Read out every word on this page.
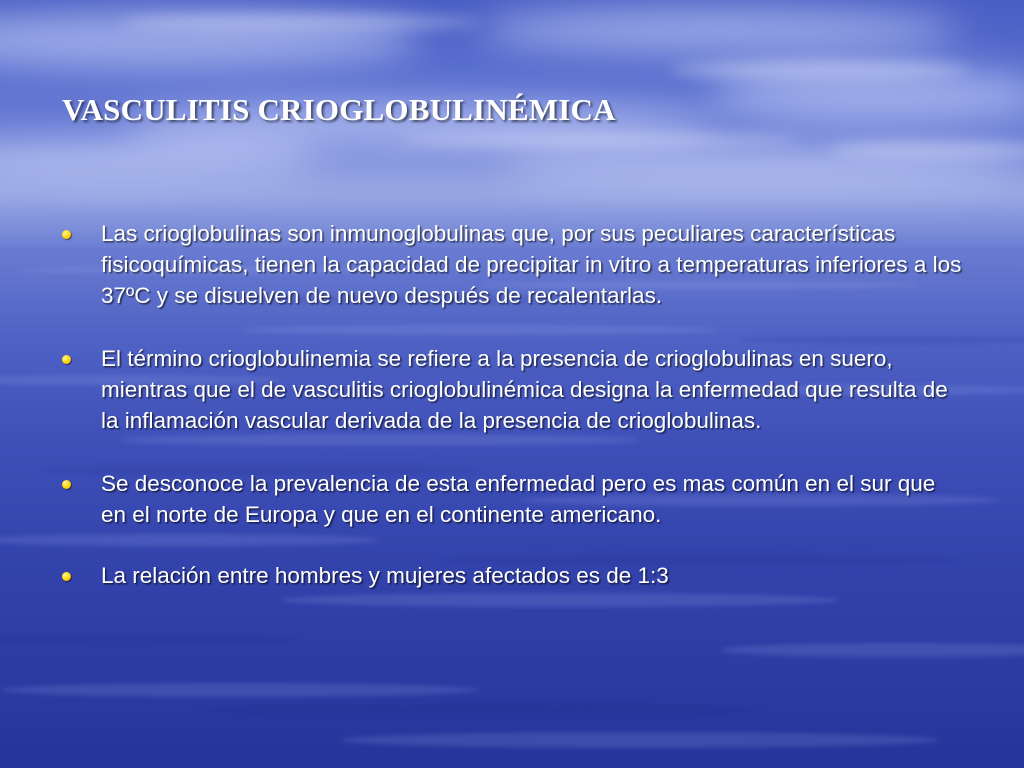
VASCULITIS CRIOGLOBULINÉMICA
Las crioglobulinas son inmunoglobulinas que, por sus peculiares características fisicoquímicas, tienen la capacidad de precipitar in vitro a temperaturas inferiores a los 37ºC y se disuelven de nuevo después de recalentarlas.
El término crioglobulinemia se refiere a la presencia de crioglobulinas en suero, mientras que el de vasculitis crioglobulinémica designa la enfermedad que resulta de la inflamación vascular derivada de la presencia de crioglobulinas.
Se desconoce la prevalencia de esta enfermedad pero es mas común en el sur que en el norte de Europa y que en el continente americano.
La relación entre hombres y mujeres afectados es de 1:3
